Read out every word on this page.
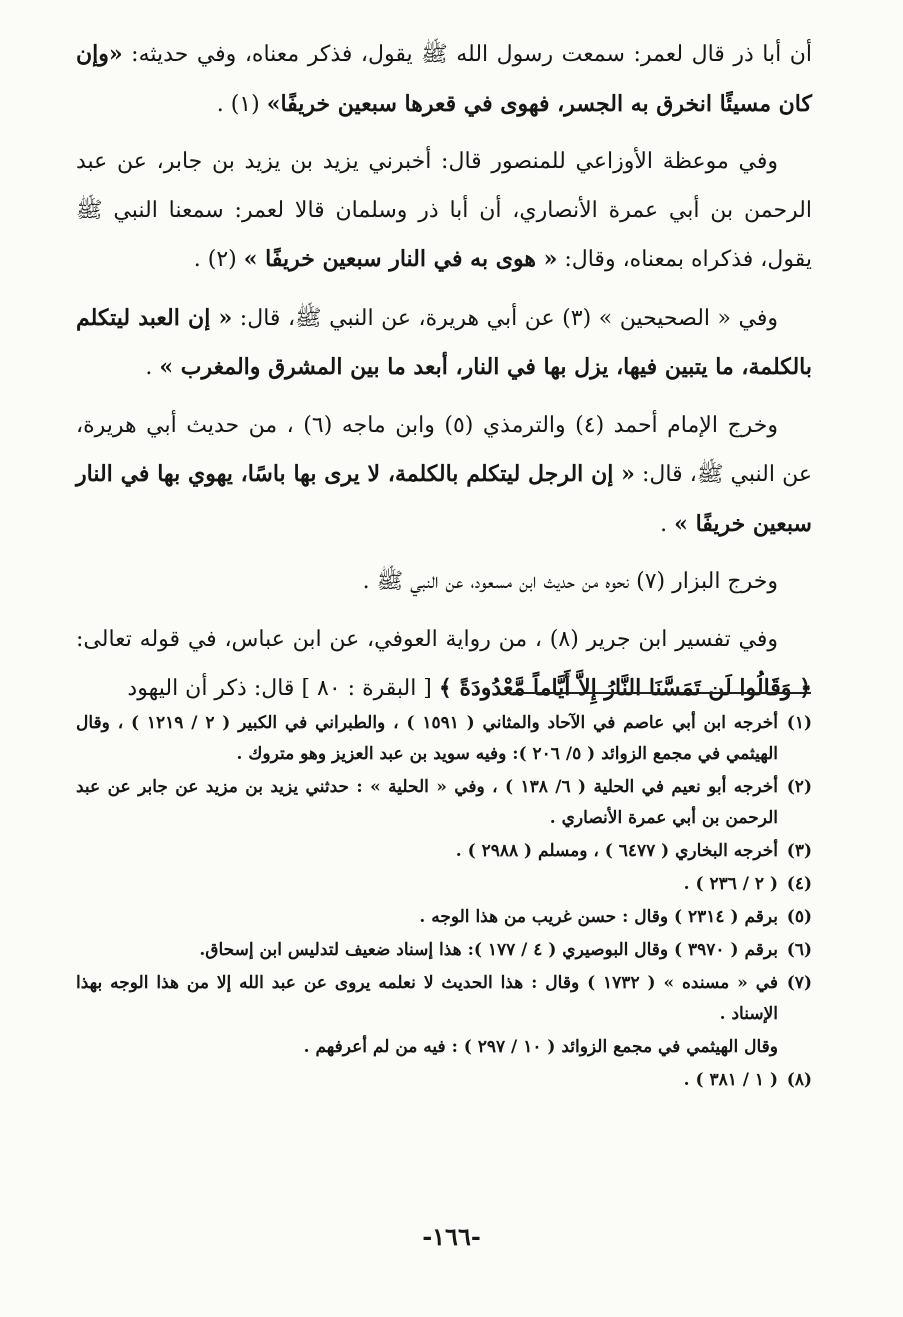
أن أبا ذر قال لعمر: سمعت رسول الله ﷺ يقول، فذكر معناه، وفي حديثه: «وإن كان مسيئًا انخرق به الجسر، فهوى في قعرها سبعين خريفًا» (١) .

وفي موعظة الأوزاعي للمنصور قال: أخبرني يزيد بن يزيد بن جابر، عن عبد الرحمن بن أبي عمرة الأنصاري، أن أبا ذر وسلمان قالا لعمر: سمعنا النبي ﷺ يقول، فذكراه بمعناه، وقال: « هوى به في النار سبعين خريفًا » (٢) .

وفي « الصحيحين » (٣) عن أبي هريرة، عن النبي ﷺ، قال: « إن العبد ليتكلم بالكلمة، ما يتبين فيها، يزل بها في النار، أبعد ما بين المشرق والمغرب » .

وخرج الإمام أحمد (٤) والترمذي (٥) وابن ماجه (٦) ، من حديث أبي هريرة، عن النبي ﷺ، قال: « إن الرجل ليتكلم بالكلمة، لا يرى بها باسًا، يهوي بها في النار سبعين خريفًا » .

وخرج البزار (٧) نحوه من حديث ابن مسعود، عن النبي ﷺ .

وفي تفسير ابن جرير (٨) ، من رواية العوفي، عن ابن عباس، في قوله تعالى: ﴿ وَقَالُوا لَن تَمَسَّنَا النَّارُ إِلاَّ أَيَّاماً مَّعْدُودَةً ﴾ [ البقرة : ٨٠ ] قال: ذكر أن اليهود

(١)أخرجه ابن أبي عاصم في الآحاد والمثاني ( ١٥٩١ ) ، والطبراني في الكبير ( ٢ / ١٢١٩ ) ، وقال الهيثمي في مجمع الزوائد ( ٥/ ٢٠٦ ): وفيه سويد بن عبد العزيز وهو متروك .
(٢)أخرجه أبو نعيم في الحلية ( ٦/ ١٣٨ ) ، وفي « الحلية » : حدثني يزيد بن مزيد عن جابر عن عبد الرحمن بن أبي عمرة الأنصاري .
(٣)أخرجه البخاري ( ٦٤٧٧ ) ، ومسلم ( ٢٩٨٨ ) .
(٤)( ٢ / ٢٣٦ ) .
(٥)برقم ( ٢٣١٤ ) وقال : حسن غريب من هذا الوجه .
(٦)برقم ( ٣٩٧٠ ) وقال البوصيري ( ٤ / ١٧٧ ): هذا إسناد ضعيف لتدليس ابن إسحاق.
(٧)في « مسنده » ( ١٧٣٢ ) وقال : هذا الحديث لا نعلمه يروى عن عبد الله إلا من هذا الوجه بهذا الإسناد .
وقال الهيثمي في مجمع الزوائد ( ١٠ / ٢٩٧ ) : فيه من لم أعرفهم .
(٨)( ١ / ٣٨١ ) .
-١٦٦-
